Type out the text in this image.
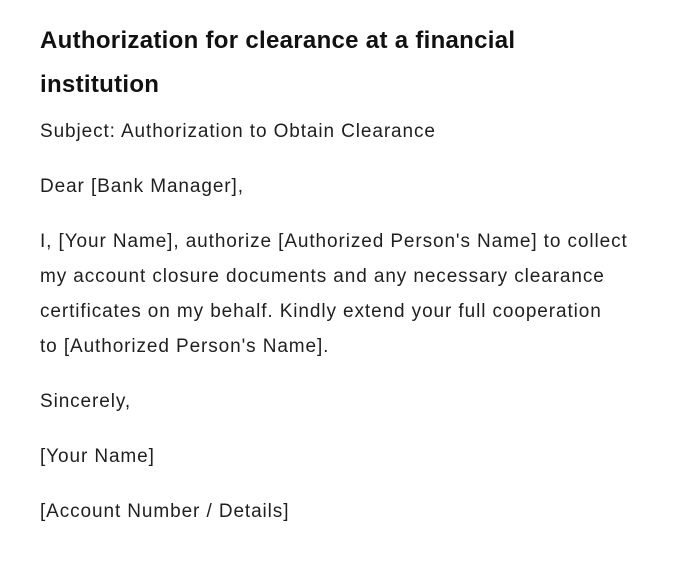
Authorization for clearance at a financial institution

Subject: Authorization to Obtain Clearance

Dear [Bank Manager],

I, [Your Name], authorize [Authorized Person's Name] to collect
my account closure documents and any necessary clearance
certificates on my behalf. Kindly extend your full cooperation
to [Authorized Person's Name].

Sincerely,

[Your Name]

[Account Number / Details]
